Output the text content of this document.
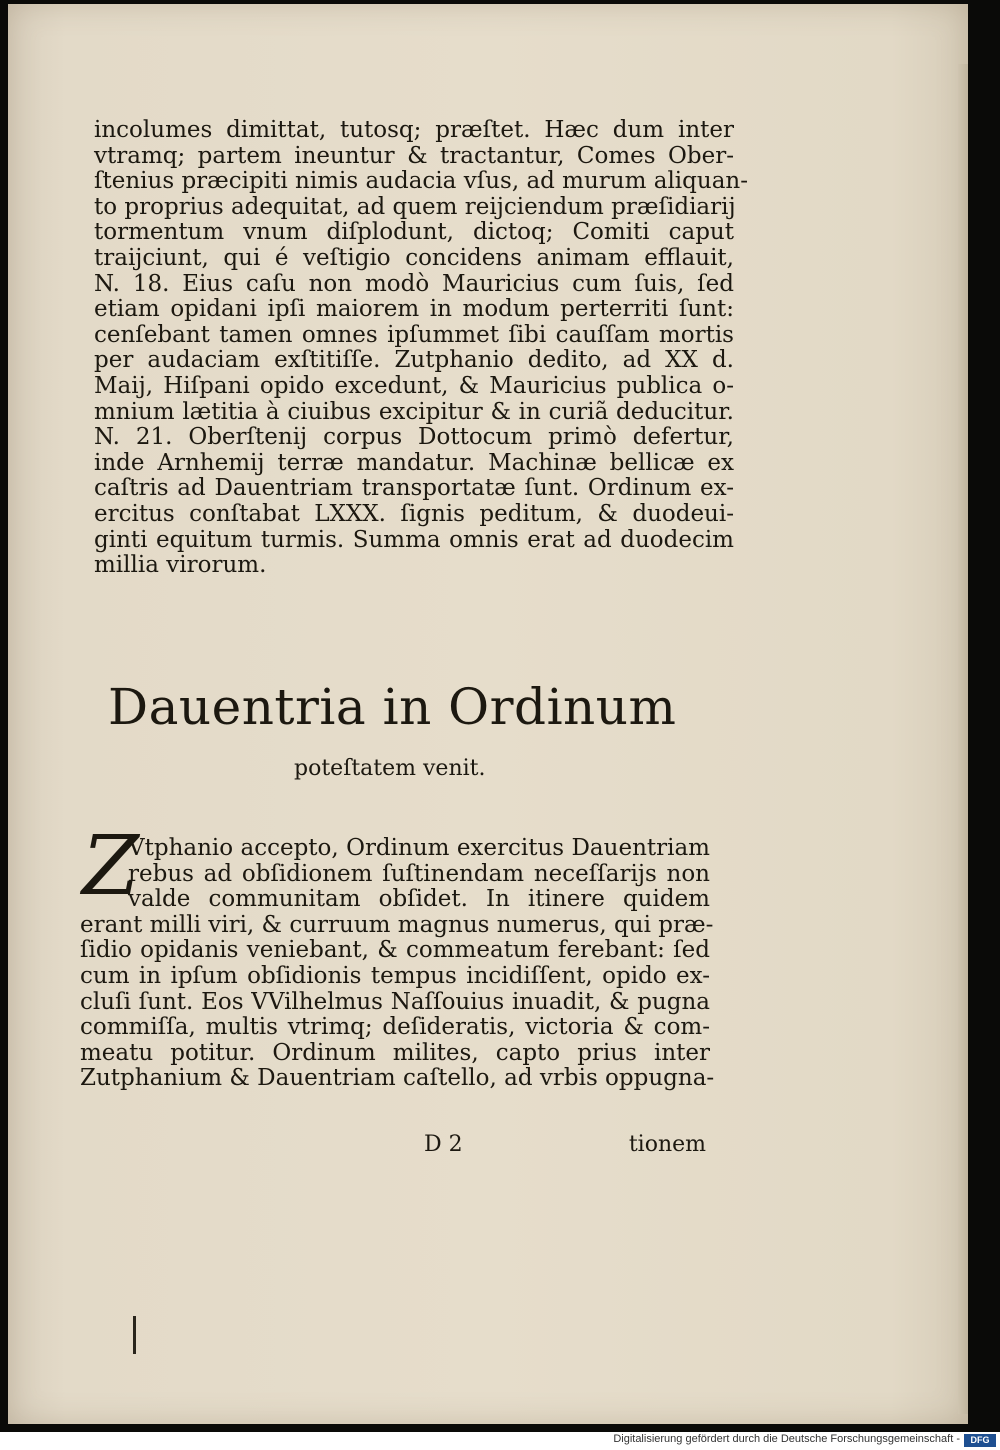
incolumes dimittat, tutosq; præſtet. Hæc dum inter
vtramq; partem ineuntur & tractantur, Comes Ober-
ſtenius præcipiti nimis audacia vſus, ad murum aliquan-
to proprius adequitat, ad quem reijciendum præſidiarij
tormentum vnum diſplodunt, dictoq; Comiti caput
traijciunt, qui é veſtigio concidens animam efflauit,
N. 18. Eius caſu non modò Mauricius cum ſuis, ſed
etiam opidani ipſi maiorem in modum perterriti ſunt:
cenſebant tamen omnes ipſummet ſibi cauſſam mortis
per audaciam exſtitiſſe. Zutphanio dedito, ad XX d.
Maij, Hiſpani opido excedunt, & Mauricius publica o-
mnium lætitia à ciuibus excipitur & in curiã deducitur.
N. 21. Oberſtenij corpus Dottocum primò defertur,
inde Arnhemij terræ mandatur. Machinæ bellicæ ex
caſtris ad Dauentriam transportatæ ſunt. Ordinum ex-
ercitus conſtabat LXXX. ſignis peditum, & duodeui-
ginti equitum turmis. Summa omnis erat ad duodecim
millia virorum.
Dauentria in Ordinum
poteſtatem venit.
Z
Vtphanio accepto, Ordinum exercitus Dauentriam
rebus ad obſidionem ſuſtinendam neceſſarijs non
valde communitam obſidet. In itinere quidem
erant milli viri, & curruum magnus numerus, qui præ-
ſidio opidanis veniebant, & commeatum ferebant: ſed
cum in ipſum obſidionis tempus incidiſſent, opido ex-
cluſi ſunt. Eos VVilhelmus Naſſouius inuadit, & pugna
commiſſa, multis vtrimq; deſideratis, victoria & com-
meatu potitur. Ordinum milites, capto prius inter
Zutphanium & Dauentriam caſtello, ad vrbis oppugna-
D 2	tionem
Digitalisierung gefördert durch die Deutsche Forschungsgemeinschaft -	DFG
